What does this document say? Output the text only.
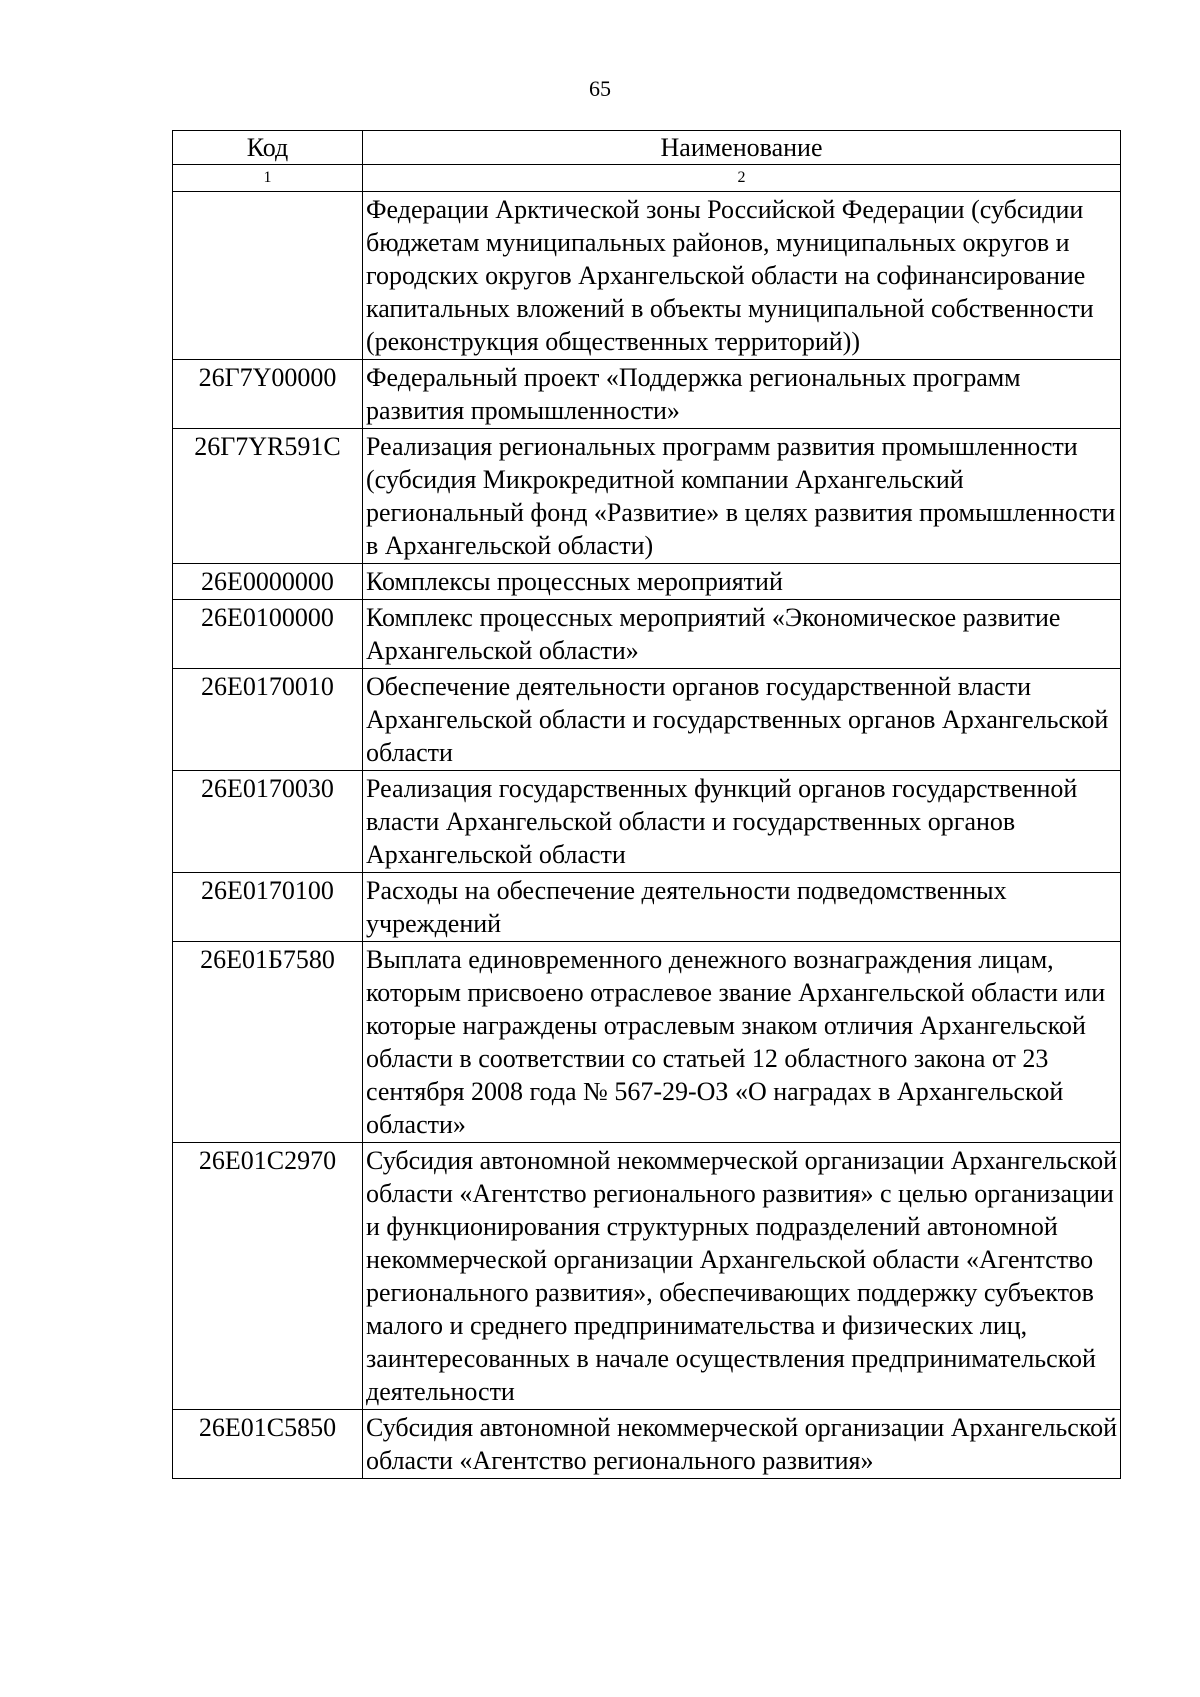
65
Код	Наименование
1	2
	Федерации Арктической зоны Российской Федерации (субсидии бюджетам муниципальных районов, муниципальных округов и городских округов Архангельской области на софинансирование капитальных вложений в объекты муниципальной собственности (реконструкция общественных территорий))
26Г7Y00000	Федеральный проект «Поддержка региональных программ развития промышленности»
26Г7YR591С	Реализация региональных программ развития промышленности (субсидия Микрокредитной компании Архангельский региональный фонд «Развитие» в целях развития промышленности в Архангельской области)
26Е0000000	Комплексы процессных мероприятий
26Е0100000	Комплекс процессных мероприятий «Экономическое развитие Архангельской области»
26Е0170010	Обеспечение деятельности органов государственной власти Архангельской области и государственных органов Архангельской области
26Е0170030	Реализация государственных функций органов государственной власти Архангельской области и государственных органов Архангельской области
26Е0170100	Расходы на обеспечение деятельности подведомственных учреждений
26Е01Б7580	Выплата единовременного денежного вознаграждения лицам, которым присвоено отраслевое звание Архангельской области или которые награждены отраслевым знаком отличия Архангельской области в соответствии со статьей 12 областного закона от 23 сентября 2008 года № 567-29-ОЗ «О наградах в Архангельской области»
26Е01С2970	Субсидия автономной некоммерческой организации Архангельской области «Агентство регионального развития» с целью организации и функционирования структурных подразделений автономной некоммерческой организации Архангельской области «Агентство регионального развития», обеспечивающих поддержку субъектов малого и среднего предпринимательства и физических лиц, заинтересованных в начале осуществления предпринимательской деятельности
26Е01С5850	Субсидия автономной некоммерческой организации Архангельской области «Агентство регионального развития»
